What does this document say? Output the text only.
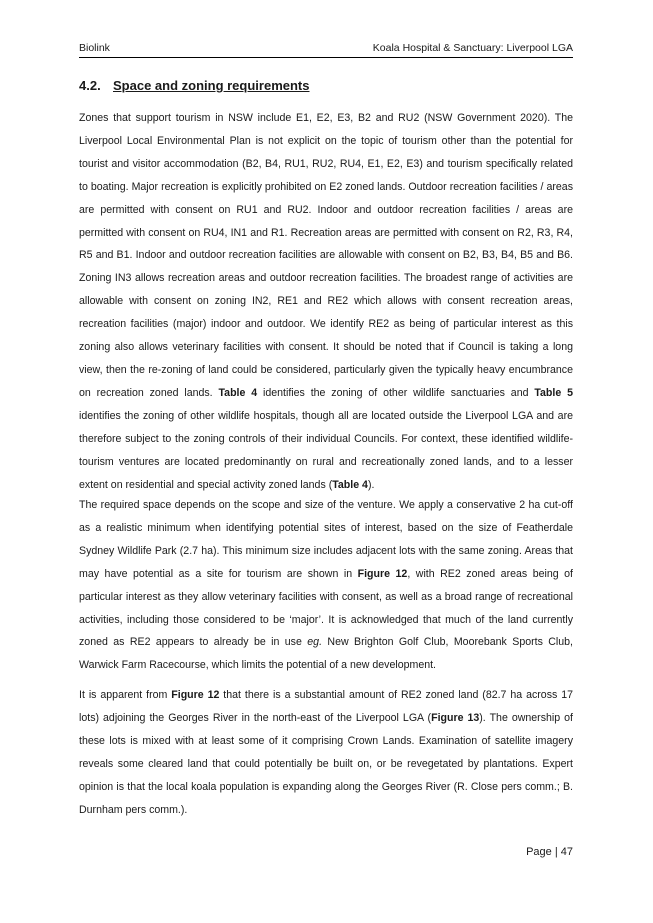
Biolink	Koala Hospital & Sanctuary: Liverpool LGA
4.2. Space and zoning requirements

Zones that support tourism in NSW include E1, E2, E3, B2 and RU2 (NSW Government 2020). The Liverpool Local Environmental Plan is not explicit on the topic of tourism other than the potential for tourist and visitor accommodation (B2, B4, RU1, RU2, RU4, E1, E2, E3) and tourism specifically related to boating. Major recreation is explicitly prohibited on E2 zoned lands. Outdoor recreation facilities / areas are permitted with consent on RU1 and RU2. Indoor and outdoor recreation facilities / areas are permitted with consent on RU4, IN1 and R1. Recreation areas are permitted with consent on R2, R3, R4, R5 and B1. Indoor and outdoor recreation facilities are allowable with consent on B2, B3, B4, B5 and B6. Zoning IN3 allows recreation areas and outdoor recreation facilities. The broadest range of activities are allowable with consent on zoning IN2, RE1 and RE2 which allows with consent recreation areas, recreation facilities (major) indoor and outdoor. We identify RE2 as being of particular interest as this zoning also allows veterinary facilities with consent. It should be noted that if Council is taking a long view, then the re-zoning of land could be considered, particularly given the typically heavy encumbrance on recreation zoned lands. Table 4 identifies the zoning of other wildlife sanctuaries and Table 5 identifies the zoning of other wildlife hospitals, though all are located outside the Liverpool LGA and are therefore subject to the zoning controls of their individual Councils. For context, these identified wildlife-tourism ventures are located predominantly on rural and recreationally zoned lands, and to a lesser extent on residential and special activity zoned lands (Table 4).

The required space depends on the scope and size of the venture. We apply a conservative 2 ha cut-off as a realistic minimum when identifying potential sites of interest, based on the size of Featherdale Sydney Wildlife Park (2.7 ha). This minimum size includes adjacent lots with the same zoning. Areas that may have potential as a site for tourism are shown in Figure 12, with RE2 zoned areas being of particular interest as they allow veterinary facilities with consent, as well as a broad range of recreational activities, including those considered to be ‘major’. It is acknowledged that much of the land currently zoned as RE2 appears to already be in use eg. New Brighton Golf Club, Moorebank Sports Club, Warwick Farm Racecourse, which limits the potential of a new development.

It is apparent from Figure 12 that there is a substantial amount of RE2 zoned land (82.7 ha across 17 lots) adjoining the Georges River in the north-east of the Liverpool LGA (Figure 13). The ownership of these lots is mixed with at least some of it comprising Crown Lands. Examination of satellite imagery reveals some cleared land that could potentially be built on, or be revegetated by plantations. Expert opinion is that the local koala population is expanding along the Georges River (R. Close pers comm.; B. Durnham pers comm.).

Page | 47
